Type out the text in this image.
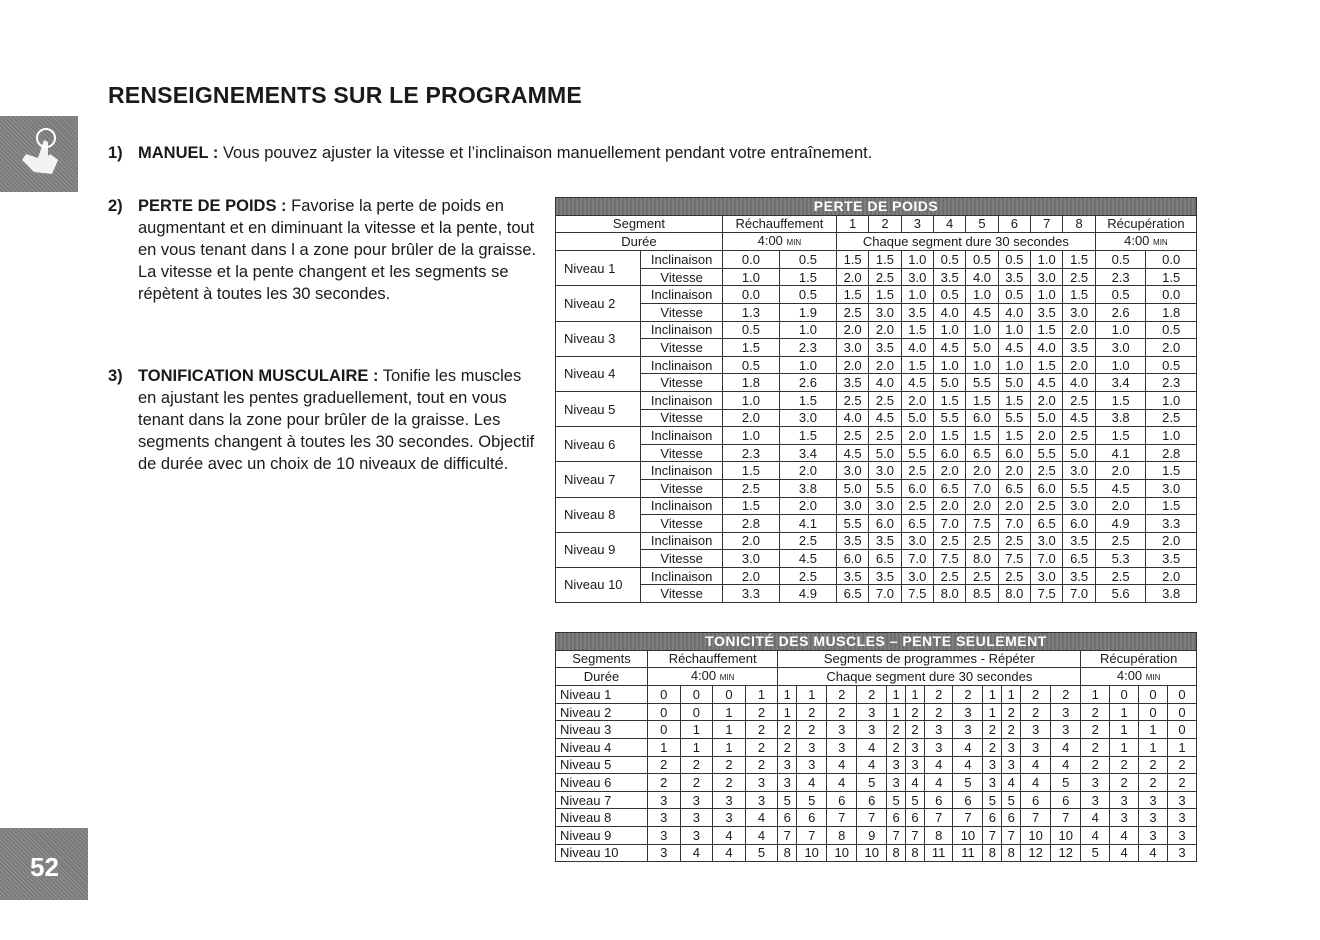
RENSEIGNEMENTS SUR LE PROGRAMME
1) MANUEL : Vous pouvez ajuster la vitesse et l’inclinaison manuellement pendant votre entraînement.
2) PERTE DE POIDS : Favorise la perte de poids en augmentant et en diminuant la vitesse et la pente, tout en vous tenant dans l a zone pour brûler de la graisse. La vitesse et la pente changent et les segments se répètent à toutes les 30 secondes.
3) TONIFICATION MUSCULAIRE : Tonifie les muscles en ajustant les pentes graduellement, tout en vous tenant dans la zone pour brûler de la graisse. Les segments changent à toutes les 30 secondes. Objectif de durée avec un choix de 10 niveaux de difficulté.
PERTE DE POIDS													
Segment		Réchauffement		1	2	3	4	5	6	7	8	Récupération	
Durée		4:00 MIN		Chaque segment dure 30 secondes								4:00 MIN	
Niveau 1	Inclinaison	0.0	0.5	1.5	1.5	1.0	0.5	0.5	0.5	1.0	1.5	0.5	0.0
	Vitesse	1.0	1.5	2.0	2.5	3.0	3.5	4.0	3.5	3.0	2.5	2.3	1.5
Niveau 2	Inclinaison	0.0	0.5	1.5	1.5	1.0	0.5	1.0	0.5	1.0	1.5	0.5	0.0
	Vitesse	1.3	1.9	2.5	3.0	3.5	4.0	4.5	4.0	3.5	3.0	2.6	1.8
Niveau 3	Inclinaison	0.5	1.0	2.0	2.0	1.5	1.0	1.0	1.0	1.5	2.0	1.0	0.5
	Vitesse	1.5	2.3	3.0	3.5	4.0	4.5	5.0	4.5	4.0	3.5	3.0	2.0
Niveau 4	Inclinaison	0.5	1.0	2.0	2.0	1.5	1.0	1.0	1.0	1.5	2.0	1.0	0.5
	Vitesse	1.8	2.6	3.5	4.0	4.5	5.0	5.5	5.0	4.5	4.0	3.4	2.3
Niveau 5	Inclinaison	1.0	1.5	2.5	2.5	2.0	1.5	1.5	1.5	2.0	2.5	1.5	1.0
	Vitesse	2.0	3.0	4.0	4.5	5.0	5.5	6.0	5.5	5.0	4.5	3.8	2.5
Niveau 6	Inclinaison	1.0	1.5	2.5	2.5	2.0	1.5	1.5	1.5	2.0	2.5	1.5	1.0
	Vitesse	2.3	3.4	4.5	5.0	5.5	6.0	6.5	6.0	5.5	5.0	4.1	2.8
Niveau 7	Inclinaison	1.5	2.0	3.0	3.0	2.5	2.0	2.0	2.0	2.5	3.0	2.0	1.5
	Vitesse	2.5	3.8	5.0	5.5	6.0	6.5	7.0	6.5	6.0	5.5	4.5	3.0
Niveau 8	Inclinaison	1.5	2.0	3.0	3.0	2.5	2.0	2.0	2.0	2.5	3.0	2.0	1.5
	Vitesse	2.8	4.1	5.5	6.0	6.5	7.0	7.5	7.0	6.5	6.0	4.9	3.3
Niveau 9	Inclinaison	2.0	2.5	3.5	3.5	3.0	2.5	2.5	2.5	3.0	3.5	2.5	2.0
	Vitesse	3.0	4.5	6.0	6.5	7.0	7.5	8.0	7.5	7.0	6.5	5.3	3.5
Niveau 10	Inclinaison	2.0	2.5	3.5	3.5	3.0	2.5	2.5	2.5	3.0	3.5	2.5	2.0
	Vitesse	3.3	4.9	6.5	7.0	7.5	8.0	8.5	8.0	7.5	7.0	5.6	3.8
TONICITÉ DES MUSCLES – PENTE SEULEMENT																				
Segments	Réchauffement				Segments de programmes - Répéter												Récupération			
Durée	4:00 MIN				Chaque segment dure 30 secondes												4:00 MIN			
Niveau 1	0	0	0	1	1	1	2	2	1	1	2	2	1	1	2	2	1	0	0	0
Niveau 2	0	0	1	2	1	2	2	3	1	2	2	3	1	2	2	3	2	1	0	0
Niveau 3	0	1	1	2	2	2	3	3	2	2	3	3	2	2	3	3	2	1	1	0
Niveau 4	1	1	1	2	2	3	3	4	2	3	3	4	2	3	3	4	2	1	1	1
Niveau 5	2	2	2	2	3	3	4	4	3	3	4	4	3	3	4	4	2	2	2	2
Niveau 6	2	2	2	3	3	4	4	5	3	4	4	5	3	4	4	5	3	2	2	2
Niveau 7	3	3	3	3	5	5	6	6	5	5	6	6	5	5	6	6	3	3	3	3
Niveau 8	3	3	3	4	6	6	7	7	6	6	7	7	6	6	7	7	4	3	3	3
Niveau 9	3	3	4	4	7	7	8	9	7	7	8	10	7	7	10	10	4	4	3	3
Niveau 10	3	4	4	5	8	10	10	10	8	8	11	11	8	8	12	12	5	4	4	3
52
